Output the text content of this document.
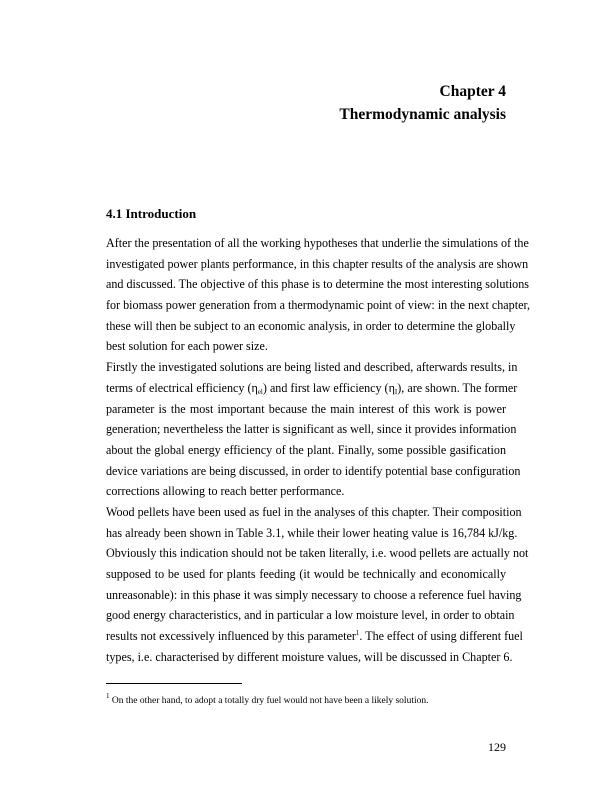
Chapter 4
Thermodynamic analysis
4.1 Introduction
After the presentation of all the working hypotheses that underlie the simulations of the
investigated power plants performance, in this chapter results of the analysis are shown
and discussed. The objective of this phase is to determine the most interesting solutions
for biomass power generation from a thermodynamic point of view: in the next chapter,
these will then be subject to an economic analysis, in order to determine the globally
best solution for each power size.
Firstly the investigated solutions are being listed and described, afterwards results, in
terms of electrical efficiency $(\eta_{el})$ and first law efficiency $(\eta_I)$, are shown. The former
parameter is the most important because the main interest of this work is power
generation; nevertheless the latter is significant as well, since it provides information
about the global energy efficiency of the plant. Finally, some possible gasification
device variations are being discussed, in order to identify potential base configuration
corrections allowing to reach better performance.
Wood pellets have been used as fuel in the analyses of this chapter. Their composition
has already been shown in Table 3.1, while their lower heating value is 16,784 kJ/kg.
Obviously this indication should not be taken literally, i.e. wood pellets are actually not
supposed to be used for plants feeding (it would be technically and economically
unreasonable): in this phase it was simply necessary to choose a reference fuel having
good energy characteristics, and in particular a low moisture level, in order to obtain
results not excessively influenced by this parameter$^1$. The effect of using different fuel
types, i.e. characterised by different moisture values, will be discussed in Chapter 6.
$^1$ On the other hand, to adopt a totally dry fuel would not have been a likely solution.
129
